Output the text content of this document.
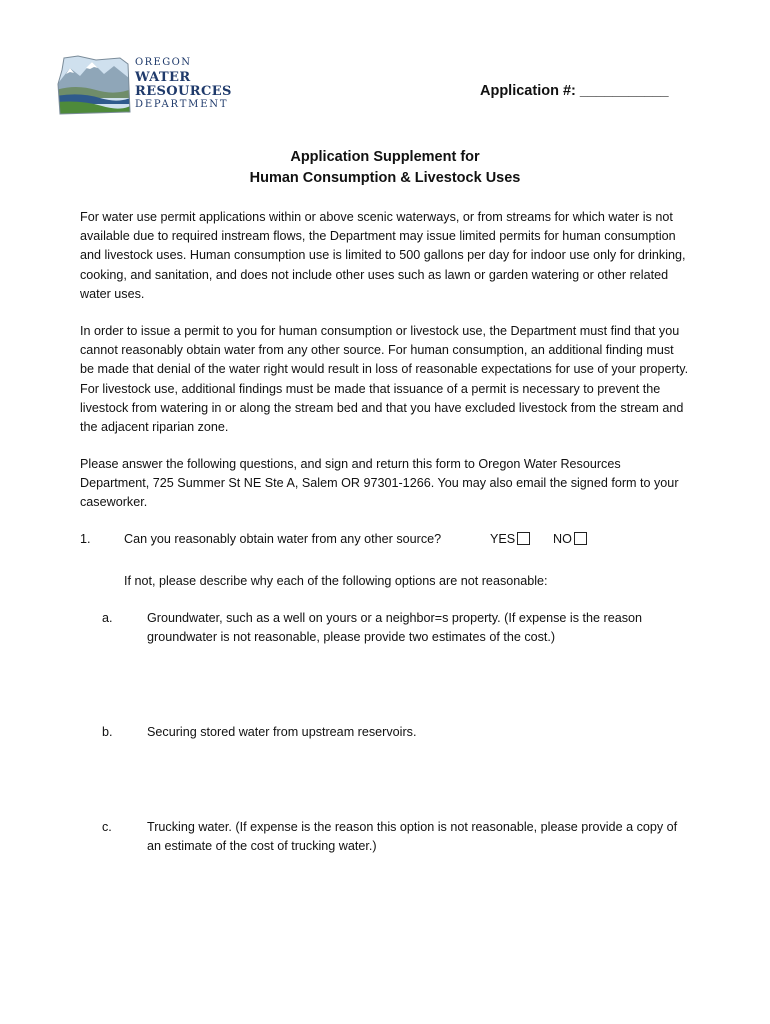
OREGON
WATER
RESOURCES
DEPARTMENT
Application #: ___________
Application Supplement for
Human Consumption & Livestock Uses
For water use permit applications within or above scenic waterways, or from streams for which water is not available due to required instream flows, the Department may issue limited permits for human consumption and livestock uses. Human consumption use is limited to 500 gallons per day for indoor use only for drinking, cooking, and sanitation, and does not include other uses such as lawn or garden watering or other related water uses.
In order to issue a permit to you for human consumption or livestock use, the Department must find that you cannot reasonably obtain water from any other source. For human consumption, an additional finding must be made that denial of the water right would result in loss of reasonable expectations for use of your property. For livestock use, additional findings must be made that issuance of a permit is necessary to prevent the livestock from watering in or along the stream bed and that you have excluded livestock from the stream and the adjacent riparian zone.
Please answer the following questions, and sign and return this form to Oregon Water Resources Department, 725 Summer St NE Ste A, Salem OR 97301-1266. You may also email the signed form to your caseworker.
1.	Can you reasonably obtain water from any other source?	YES	NO
If not, please describe why each of the following options are not reasonable:
a.	Groundwater, such as a well on yours or a neighbor=s property. (If expense is the reason groundwater is not reasonable, please provide two estimates of the cost.)
b.	Securing stored water from upstream reservoirs.
c.	Trucking water. (If expense is the reason this option is not reasonable, please provide a copy of an estimate of the cost of trucking water.)
